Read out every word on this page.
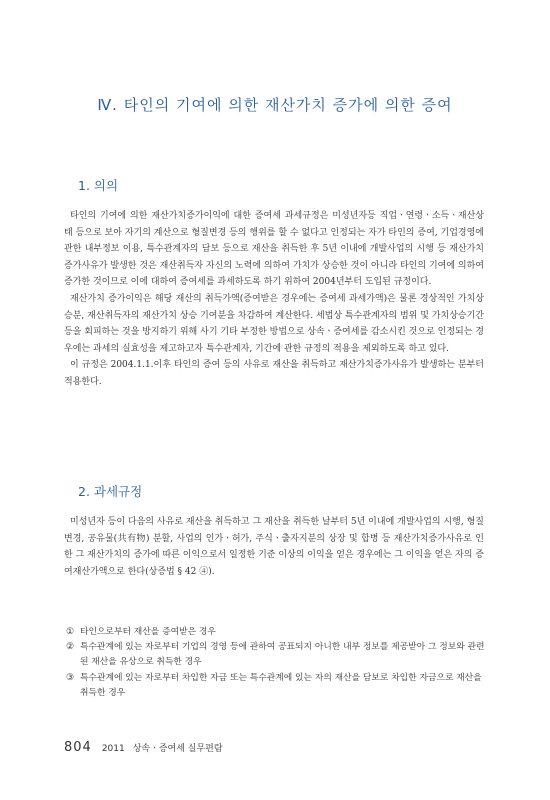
Ⅳ. 타인의 기여에 의한 재산가치 증가에 의한 증여
1. 의의

타인의 기여에 의한 재산가치증가이익에 대한 증여세 과세규정은 미성년자등 직업ㆍ연령ㆍ소득ㆍ재산상태 등으로 보아 자기의 계산으로 형질변경 등의 행위를 할 수 없다고 인정되는 자가 타인의 증여, 기업경영에 관한 내부정보 이용, 특수관계자의 담보 등으로 재산을 취득한 후 5년 이내에 개발사업의 시행 등 재산가치 증가사유가 발생한 것은 재산취득자 자신의 노력에 의하여 가치가 상승한 것이 아니라 타인의 기여에 의하여 증가한 것이므로 이에 대하여 증여세를 과세하도록 하기 위하여 2004년부터 도입된 규정이다.

재산가치 증가이익은 해당 재산의 취득가액(증여받은 경우에는 증여세 과세가액)은 물론 경상적인 가치상승분, 재산취득자의 재산가치 상승 기여분을 차감하여 계산한다. 세법상 특수관계자의 범위 및 가치상승기간 등을 회피하는 것을 방지하기 위해 사기 기타 부정한 방법으로 상속ㆍ증여세를 감소시킨 것으로 인정되는 경우에는 과세의 실효성을 제고하고자 특수관계자, 기간에 관한 규정의 적용을 제외하도록 하고 있다.

이 규정은 2004.1.1.이후 타인의 증여 등의 사유로 재산을 취득하고 재산가치증가사유가 발생하는 분부터 적용한다.

2. 과세규정

미성년자 등이 다음의 사유로 재산을 취득하고 그 재산을 취득한 날부터 5년 이내에 개발사업의 시행, 형질변경, 공유물(共有物) 분할, 사업의 인가ㆍ허가, 주식ㆍ출자지분의 상장 및 합병 등 재산가치증가사유로 인한 그 재산가치의 증가에 따른 이익으로서 일정한 기준 이상의 이익을 얻은 경우에는 그 이익을 얻은 자의 증여재산가액으로 한다(상증법 § 42 ④).

① 타인으로부터 재산을 증여받은 경우
② 특수관계에 있는 자로부터 기업의 경영 등에 관하여 공표되지 아니한 내부 정보를 제공받아 그 정보와 관련된 재산을 유상으로 취득한 경우
③ 특수관계에 있는 자로부터 차입한 자금 또는 특수관계에 있는 자의 재산을 담보로 차입한 자금으로 재산을 취득한 경우
804 2011 상속ㆍ증여세 실무편람
